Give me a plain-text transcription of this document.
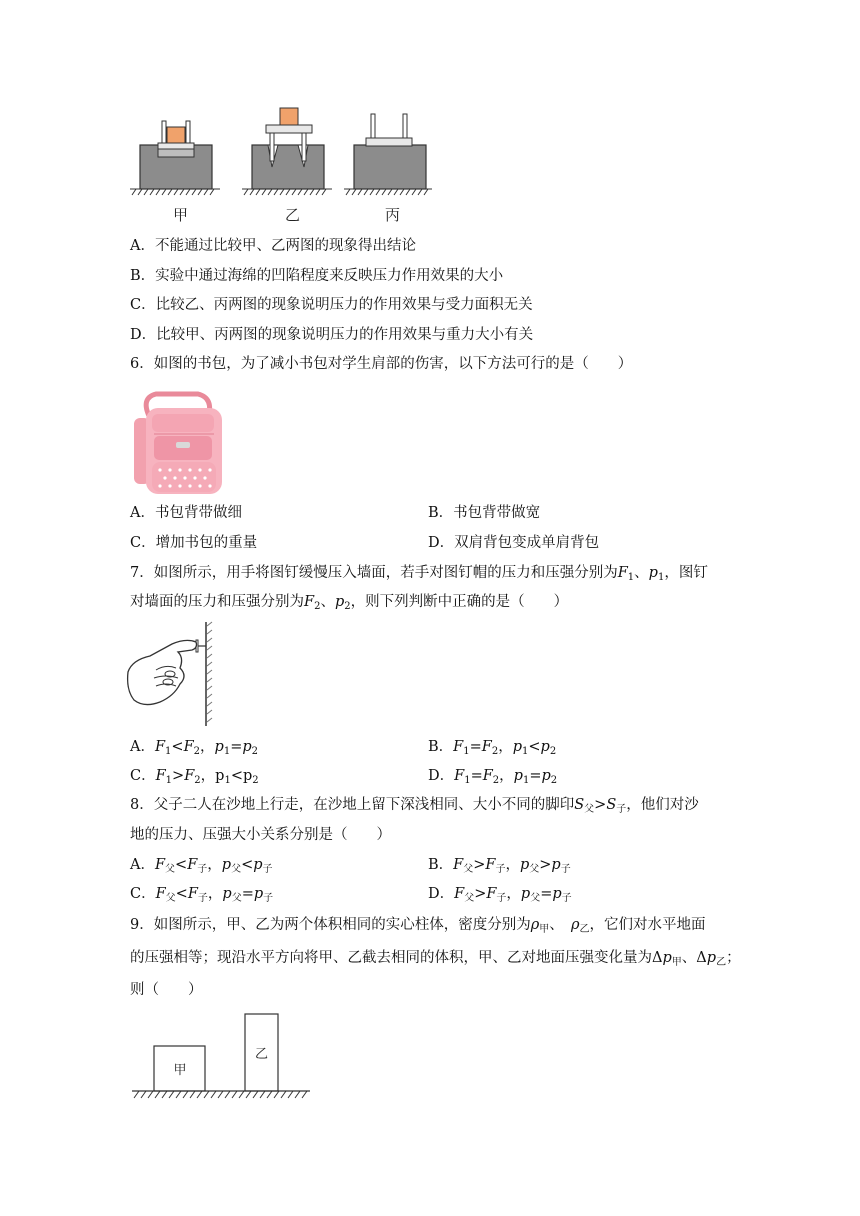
甲	乙	丙
A．不能通过比较甲、乙两图的现象得出结论
B．实验中通过海绵的凹陷程度来反映压力作用效果的大小
C．比较乙、丙两图的现象说明压力的作用效果与受力面积无关
D．比较甲、丙两图的现象说明压力的作用效果与重力大小有关
6．如图的书包，为了减小书包对学生肩部的伤害，以下方法可行的是（　　）
A．书包背带做细	B．书包背带做宽
C．增加书包的重量	D．双肩背包变成单肩背包
7．如图所示，用手将图钉缓慢压入墙面，若手对图钉帽的压力和压强分别为$F_1$、$p_1$，图钉
对墙面的压力和压强分别为$F_2$、$p_2$，则下列判断中正确的是（　　）
A．$F_1<F_2$，$p_1=p_2$	B．$F_1=F_2$，$p_1<p_2$
C．$F_1>F_2$，$p_1<p_2$	D．$F_1=F_2$，$p_1=p_2$
8．父子二人在沙地上行走，在沙地上留下深浅相同、大小不同的脚印$S_父>S_子$，他们对沙
地的压力、压强大小关系分别是（　　）
A．$F_父<F_子$，$p_父<p_子$	B．$F_父>F_子$，$p_父>p_子$
C．$F_父<F_子$，$p_父=p_子$	D．$F_父>F_子$，$p_父=p_子$
9．如图所示，甲、乙为两个体积相同的实心柱体，密度分别为$\rho_甲$、　$\rho_乙$，它们对水平地面
的压强相等；现沿水平方向将甲、乙截去相同的体积，甲、乙对地面压强变化量为$\Delta p_甲$、$\Delta p_乙$；
则（　　）
甲
乙
